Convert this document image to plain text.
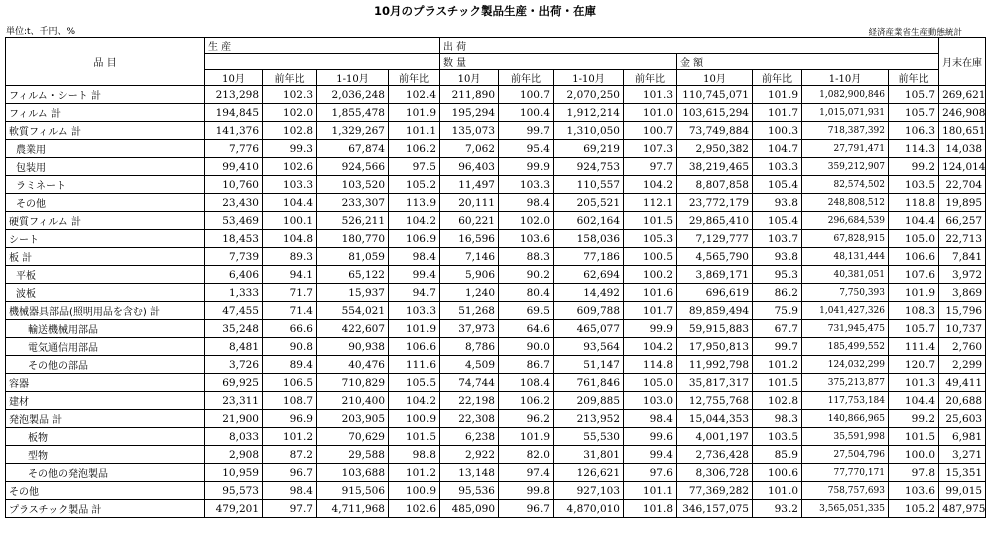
10月のプラスチック製品生産・出荷・在庫
単位:t、千円、%	経済産業省生産動態統計
品 目	生 産				出 荷								月末在庫
					数 量				金 額				
	10月	前年比	1-10月	前年比	10月	前年比	1-10月	前年比	10月	前年比	1-10月	前年比	
フィルム・シート 計	213,298	102.3	2,036,248	102.4	211,890	100.7	2,070,250	101.3	110,745,071	101.9	1,082,900,846	105.7	269,621
フィルム 計	194,845	102.0	1,855,478	101.9	195,294	100.4	1,912,214	101.0	103,615,294	101.7	1,015,071,931	105.7	246,908
軟質フィルム 計	141,376	102.8	1,329,267	101.1	135,073	99.7	1,310,050	100.7	73,749,884	100.3	718,387,392	106.3	180,651
農業用	7,776	99.3	67,874	106.2	7,062	95.4	69,219	107.3	2,950,382	104.7	27,791,471	114.3	14,038
包装用	99,410	102.6	924,566	97.5	96,403	99.9	924,753	97.7	38,219,465	103.3	359,212,907	99.2	124,014
ラミネート	10,760	103.3	103,520	105.2	11,497	103.3	110,557	104.2	8,807,858	105.4	82,574,502	103.5	22,704
その他	23,430	104.4	233,307	113.9	20,111	98.4	205,521	112.1	23,772,179	93.8	248,808,512	118.8	19,895
硬質フィルム 計	53,469	100.1	526,211	104.2	60,221	102.0	602,164	101.5	29,865,410	105.4	296,684,539	104.4	66,257
シート	18,453	104.8	180,770	106.9	16,596	103.6	158,036	105.3	7,129,777	103.7	67,828,915	105.0	22,713
板 計	7,739	89.3	81,059	98.4	7,146	88.3	77,186	100.5	4,565,790	93.8	48,131,444	106.6	7,841
平板	6,406	94.1	65,122	99.4	5,906	90.2	62,694	100.2	3,869,171	95.3	40,381,051	107.6	3,972
波板	1,333	71.7	15,937	94.7	1,240	80.4	14,492	101.6	696,619	86.2	7,750,393	101.9	3,869
機械器具部品(照明用品を含む) 計	47,455	71.4	554,021	103.3	51,268	69.5	609,788	101.7	89,859,494	75.9	1,041,427,326	108.3	15,796
輸送機械用部品	35,248	66.6	422,607	101.9	37,973	64.6	465,077	99.9	59,915,883	67.7	731,945,475	105.7	10,737
電気通信用部品	8,481	90.8	90,938	106.6	8,786	90.0	93,564	104.2	17,950,813	99.7	185,499,552	111.4	2,760
その他の部品	3,726	89.4	40,476	111.6	4,509	86.7	51,147	114.8	11,992,798	101.2	124,032,299	120.7	2,299
容器	69,925	106.5	710,829	105.5	74,744	108.4	761,846	105.0	35,817,317	101.5	375,213,877	101.3	49,411
建材	23,311	108.7	210,400	104.2	22,198	106.2	209,885	103.0	12,755,768	102.8	117,753,184	104.4	20,688
発泡製品 計	21,900	96.9	203,905	100.9	22,308	96.2	213,952	98.4	15,044,353	98.3	140,866,965	99.2	25,603
板物	8,033	101.2	70,629	101.5	6,238	101.9	55,530	99.6	4,001,197	103.5	35,591,998	101.5	6,981
型物	2,908	87.2	29,588	98.8	2,922	82.0	31,801	99.4	2,736,428	85.9	27,504,796	100.0	3,271
その他の発泡製品	10,959	96.7	103,688	101.2	13,148	97.4	126,621	97.6	8,306,728	100.6	77,770,171	97.8	15,351
その他	95,573	98.4	915,506	100.9	95,536	99.8	927,103	101.1	77,369,282	101.0	758,757,693	103.6	99,015
プラスチック製品 計	479,201	97.7	4,711,968	102.6	485,090	96.7	4,870,010	101.8	346,157,075	93.2	3,565,051,335	105.2	487,975
